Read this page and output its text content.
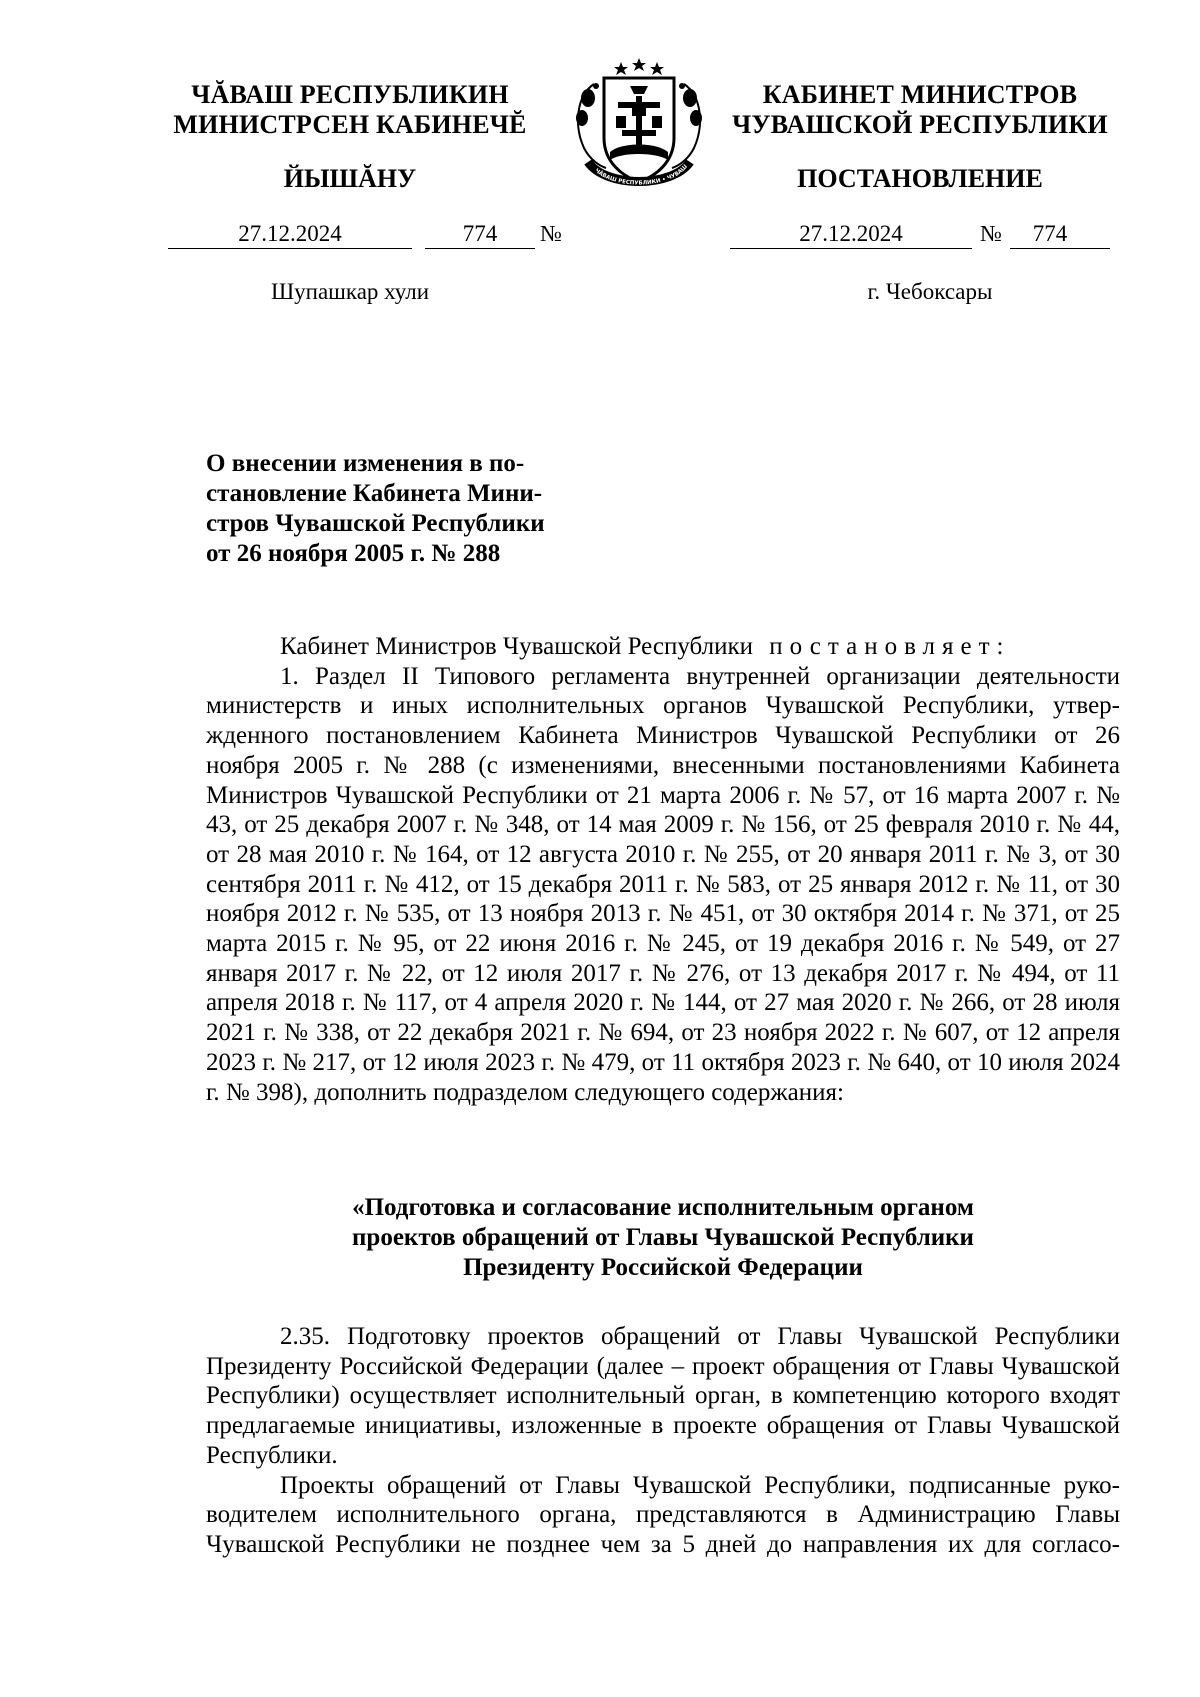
ЧĂВАШ РЕСПУБЛИКИН
МИНИСТРСЕН КАБИНЕЧĔ
ЙЫШĂНУ
КАБИНЕТ МИНИСТРОВ
ЧУВАШСКОЙ РЕСПУБЛИКИ
ПОСТАНОВЛЕНИЕ
ЧĂВАШ РЕСПУБЛИКИ • ЧУВАШ
27.12.2024	774	№	27.12.2024	№	774
Шупашкар хули	г. Чебоксары
О внесении изменения в по-
становление Кабинета Мини-
стров Чувашской Республики
от 26 ноября 2005 г. № 288

Кабинет Министров Чувашской Республики постановляет:

1. Раздел II Типового регламента внутренней организации деятельности министерств и иных исполнительных органов Чувашской Республики, утвержденного постановлением Кабинета Министров Чувашской Республики от 26 ноября 2005 г. № 288 (с изменениями, внесенными постановлениями Кабинета Министров Чувашской Республики от 21 марта 2006 г. № 57, от 16 марта 2007 г. № 43, от 25 декабря 2007 г. № 348, от 14 мая 2009 г. № 156, от 25 февраля 2010 г. № 44, от 28 мая 2010 г. № 164, от 12 августа 2010 г. № 255, от 20 января 2011 г. № 3, от 30 сентября 2011 г. № 412, от 15 декабря 2011 г. № 583, от 25 января 2012 г. № 11, от 30 ноября 2012 г. № 535, от 13 ноября 2013 г. № 451, от 30 октября 2014 г. № 371, от 25 марта 2015 г. № 95, от 22 июня 2016 г. № 245, от 19 декабря 2016 г. № 549, от 27 января 2017 г. № 22, от 12 июля 2017 г. № 276, от 13 декабря 2017 г. № 494, от 11 апреля 2018 г. № 117, от 4 апреля 2020 г. № 144, от 27 мая 2020 г. № 266, от 28 июля 2021 г. № 338, от 22 декабря 2021 г. № 694, от 23 ноября 2022 г. № 607, от 12 апреля 2023 г. № 217, от 12 июля 2023 г. № 479, от 11 октября 2023 г. № 640, от 10 июля 2024 г. № 398), дополнить подразделом следующего содержания:

«Подготовка и согласование исполнительным органом
проектов обращений от Главы Чувашской Республики
Президенту Российской Федерации

2.35. Подготовку проектов обращений от Главы Чувашской Республики Президенту Российской Федерации (далее – проект обращения от Главы Чувашской Республики) осуществляет исполнительный орган, в компетенцию которого входят предлагаемые инициативы, изложенные в проекте обращения от Главы Чувашской Республики.

Проекты обращений от Главы Чувашской Республики, подписанные руководителем исполнительного органа, представляются в Администрацию Главы Чувашской Республики не позднее чем за 5 дней до направления их для согласо-
